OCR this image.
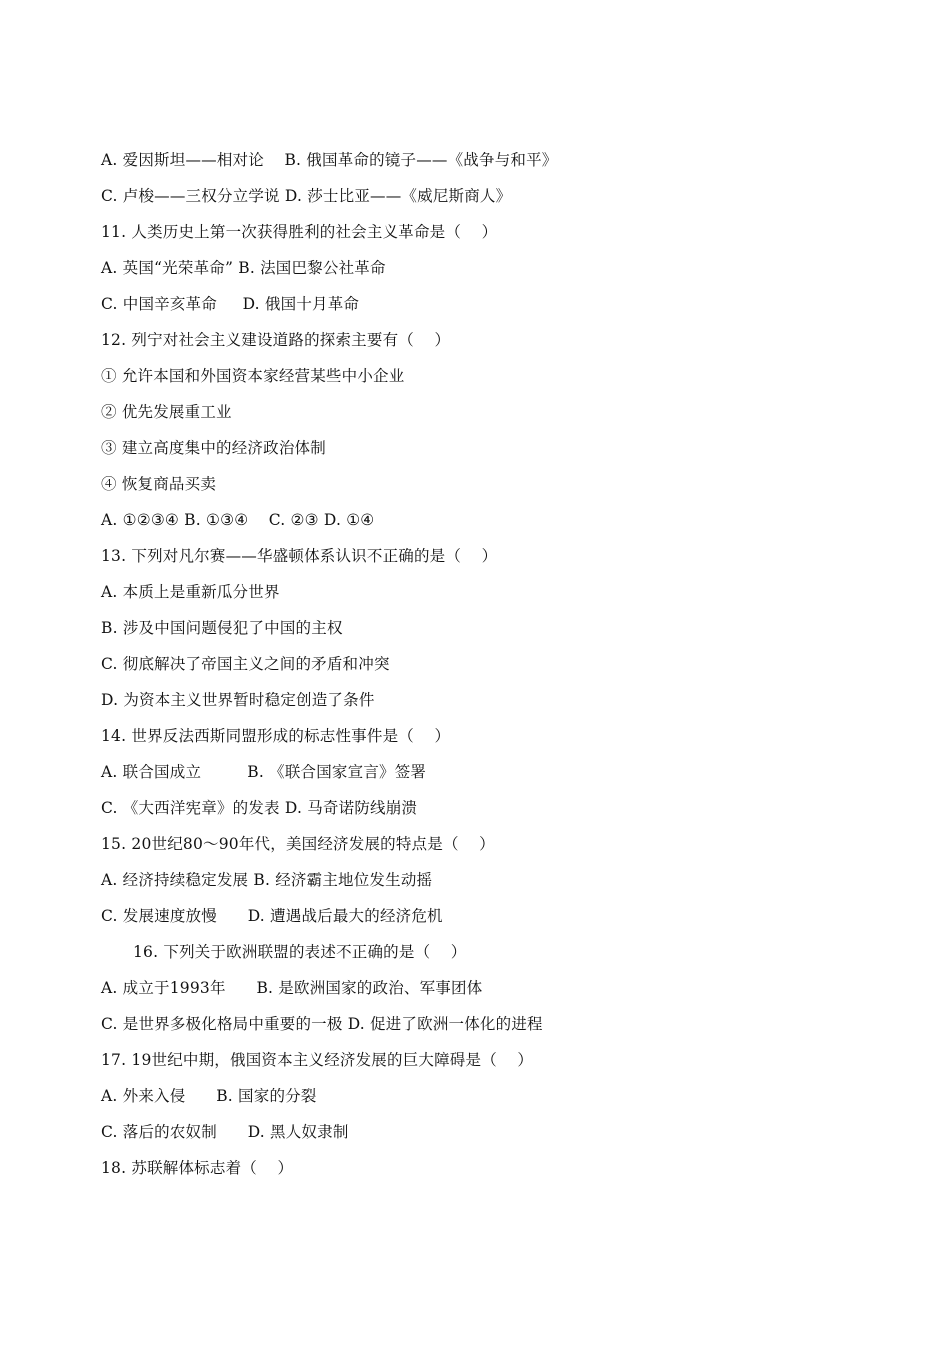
A. 爱因斯坦——相对论    B. 俄国革命的镜子——《战争与和平》
C. 卢梭——三权分立学说 D. 莎士比亚——《威尼斯商人》
11. 人类历史上第一次获得胜利的社会主义革命是（    ）
A. 英国“光荣革命” B. 法国巴黎公社革命
C. 中国辛亥革命     D. 俄国十月革命
12. 列宁对社会主义建设道路的探索主要有（    ）
① 允许本国和外国资本家经营某些中小企业
② 优先发展重工业
③ 建立高度集中的经济政治体制
④ 恢复商品买卖
A. ①②③④ B. ①③④    C. ②③ D. ①④
13. 下列对凡尔赛——华盛顿体系认识不正确的是（    ）
A. 本质上是重新瓜分世界
B. 涉及中国问题侵犯了中国的主权
C. 彻底解决了帝国主义之间的矛盾和冲突
D. 为资本主义世界暂时稳定创造了条件
14. 世界反法西斯同盟形成的标志性事件是（    ）
A. 联合国成立         B. 《联合国家宣言》签署
C. 《大西洋宪章》的发表 D. 马奇诺防线崩溃
15. 20世纪80～90年代，美国经济发展的特点是（    ）
A. 经济持续稳定发展 B. 经济霸主地位发生动摇
C. 发展速度放慢      D. 遭遇战后最大的经济危机
16. 下列关于欧洲联盟的表述不正确的是（    ）
A. 成立于1993年      B. 是欧洲国家的政治、军事团体
C. 是世界多极化格局中重要的一极 D. 促进了欧洲一体化的进程
17. 19世纪中期，俄国资本主义经济发展的巨大障碍是（    ）
A. 外来入侵      B. 国家的分裂
C. 落后的农奴制      D. 黑人奴隶制
18. 苏联解体标志着（    ）
